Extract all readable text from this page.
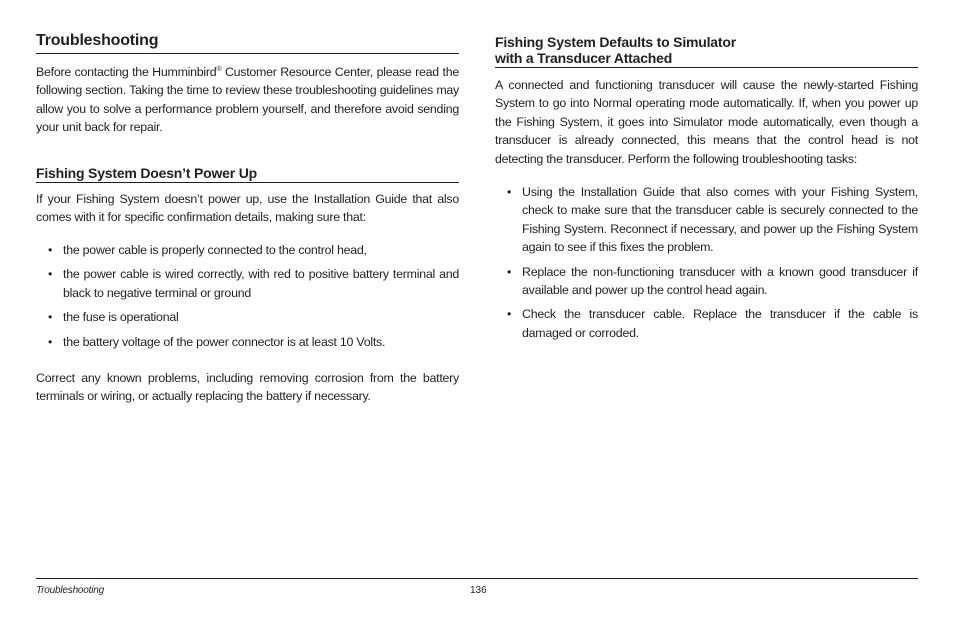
Troubleshooting

Before contacting the Humminbird® Customer Resource Center, please read the following section. Taking the time to review these troubleshooting guidelines may allow you to solve a performance problem yourself, and therefore avoid sending your unit back for repair.

Fishing System Doesn’t Power Up

If your Fishing System doesn’t power up, use the Installation Guide that also comes with it for specific confirmation details, making sure that:

• the power cable is properly connected to the control head,
• the power cable is wired correctly, with red to positive battery terminal and black to negative terminal or ground
• the fuse is operational
• the battery voltage of the power connector is at least 10 Volts.

Correct any known problems, including removing corrosion from the battery terminals or wiring, or actually replacing the battery if necessary.

Fishing System Defaults to Simulator
with a Transducer Attached

A connected and functioning transducer will cause the newly-started Fishing System to go into Normal operating mode automatically. If, when you power up the Fishing System, it goes into Simulator mode automatically, even though a transducer is already connected, this means that the control head is not detecting the transducer. Perform the following troubleshooting tasks:

• Using the Installation Guide that also comes with your Fishing System, check to make sure that the transducer cable is securely connected to the Fishing System. Reconnect if necessary, and power up the Fishing System again to see if this fixes the problem.
• Replace the non-functioning transducer with a known good transducer if available and power up the control head again.
• Check the transducer cable. Replace the transducer if the cable is damaged or corroded.
Troubleshooting	136
